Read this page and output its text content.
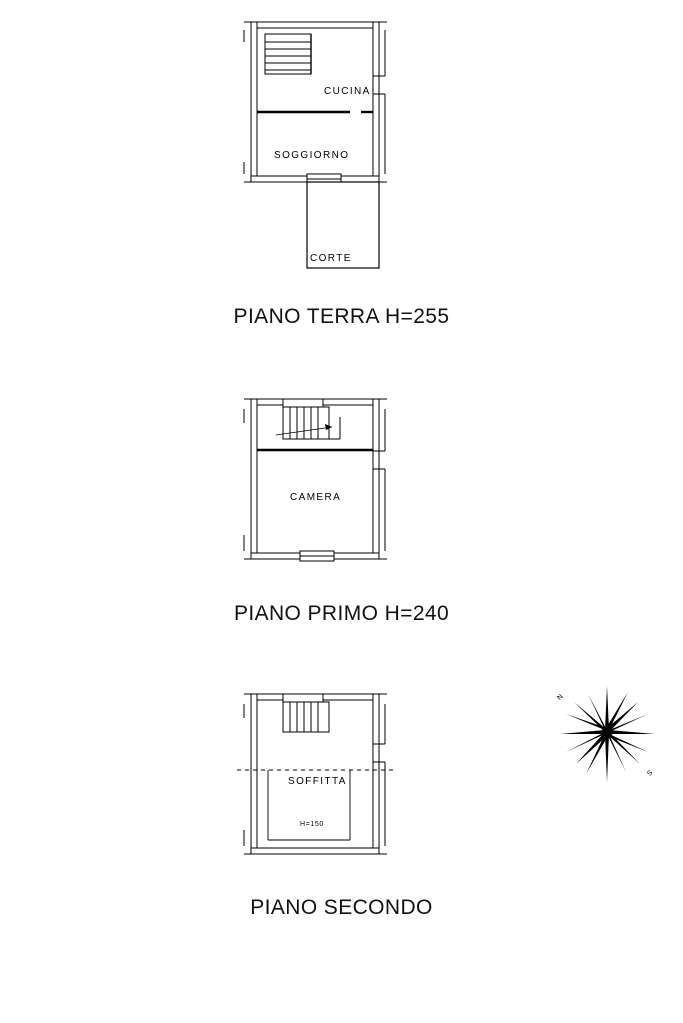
CUCINA
SOGGIORNO
CORTE
PIANO TERRA H=255
CAMERA
PIANO PRIMO H=240
SOFFITTA
H=150
PIANO SECONDO
N
S
